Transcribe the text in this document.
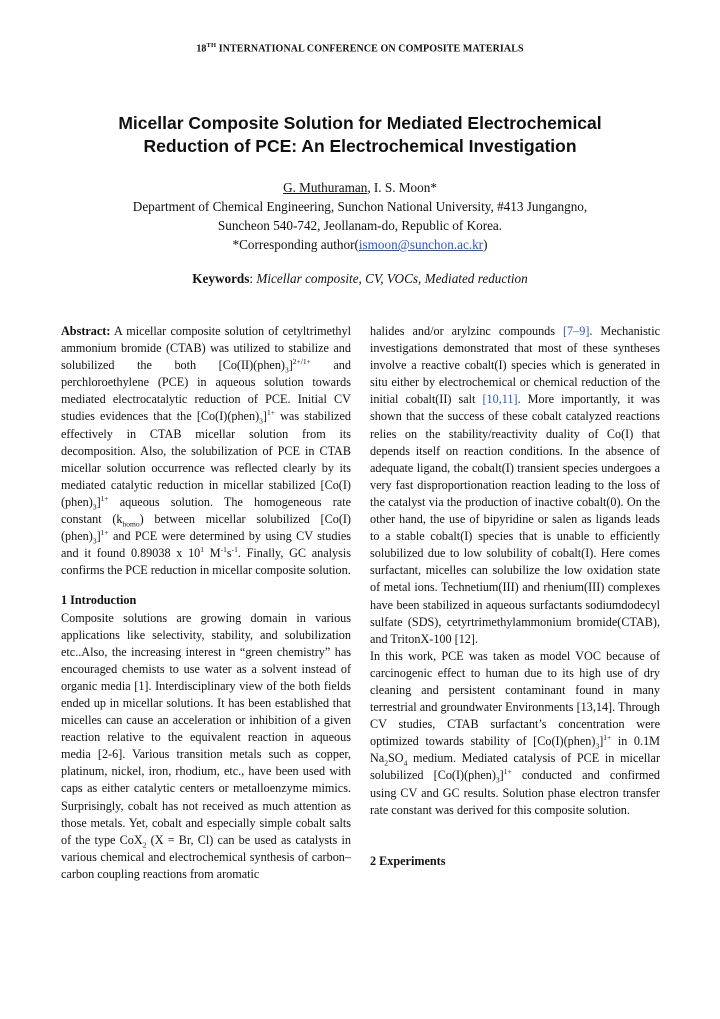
18TH INTERNATIONAL CONFERENCE ON COMPOSITE MATERIALS
Micellar Composite Solution for Mediated Electrochemical
Reduction of PCE: An Electrochemical Investigation
G. Muthuraman, I. S. Moon*
Department of Chemical Engineering, Sunchon National University, #413 Jungangno,
Suncheon 540-742, Jeollanam-do, Republic of Korea.
*Corresponding author(ismoon@sunchon.ac.kr)
Keywords: Micellar composite, CV, VOCs, Mediated reduction

Abstract: A micellar composite solution of cetyltrimethyl ammonium bromide (CTAB) was utilized to stabilize and solubilized the both $[Co(II)(phen)_3]^{2+/1+}$ and perchloroethylene (PCE) in aqueous solution towards mediated electrocatalytic reduction of PCE. Initial CV studies evidences that the $[Co(I)(phen)_3]^{1+}$ was stabilized effectively in CTAB micellar solution from its decomposition. Also, the solubilization of PCE in CTAB micellar solution occurrence was reflected clearly by its mediated catalytic reduction in micellar stabilized $[Co(I)(phen)_3]^{1+}$ aqueous solution. The homogeneous rate constant $(k_{homo})$ between micellar solubilized $[Co(I)(phen)_3]^{1+}$ and PCE were determined by using CV studies and it found 0.89038 x $10^1$ $M^{-1}s^{-1}$. Finally, GC analysis confirms the PCE reduction in micellar composite solution.

1 Introduction

Composite solutions are growing domain in various applications like selectivity, stability, and solubilization etc..Also, the increasing interest in “green chemistry” has encouraged chemists to use water as a solvent instead of organic media [1]. Interdisciplinary view of the both fields ended up in micellar solutions. It has been established that micelles can cause an acceleration or inhibition of a given reaction relative to the equivalent reaction in aqueous media [2-6]. Various transition metals such as copper, platinum, nickel, iron, rhodium, etc., have been used with caps as either catalytic centers or metalloenzyme mimics. Surprisingly, cobalt has not received as much attention as those metals. Yet, cobalt and especially simple cobalt salts of the type CoX$_2$ (X = Br, Cl) can be used as catalysts in various chemical and electrochemical synthesis of carbon–carbon coupling reactions from aromatic

halides and/or arylzinc compounds [7–9]. Mechanistic investigations demonstrated that most of these syntheses involve a reactive cobalt(I) species which is generated in situ either by electrochemical or chemical reduction of the initial cobalt(II) salt [10,11]. More importantly, it was shown that the success of these cobalt catalyzed reactions relies on the stability/reactivity duality of Co(I) that depends itself on reaction conditions. In the absence of adequate ligand, the cobalt(I) transient species undergoes a very fast disproportionation reaction leading to the loss of the catalyst via the production of inactive cobalt(0). On the other hand, the use of bipyridine or salen as ligands leads to a stable cobalt(I) species that is unable to efficiently solubilized due to low solubility of cobalt(I). Here comes surfactant, micelles can solubilize the low oxidation state of metal ions. Technetium(III) and rhenium(III) complexes have been stabilized in aqueous surfactants sodiumdodecyl sulfate (SDS), cetyrtrimethylammonium bromide(CTAB), and TritonX-100 [12].

In this work, PCE was taken as model VOC because of carcinogenic effect to human due to its high use of dry cleaning and persistent contaminant found in many terrestrial and groundwater Environments [13,14]. Through CV studies, CTAB surfactant’s concentration were optimized towards stability of $[Co(I)(phen)_3]^{1+}$ in 0.1M $Na_2SO_4$ medium. Mediated catalysis of PCE in micellar solubilized $[Co(I)(phen)_3]^{1+}$ conducted and confirmed using CV and GC results. Solution phase electron transfer rate constant was derived for this composite solution.

2 Experiments
